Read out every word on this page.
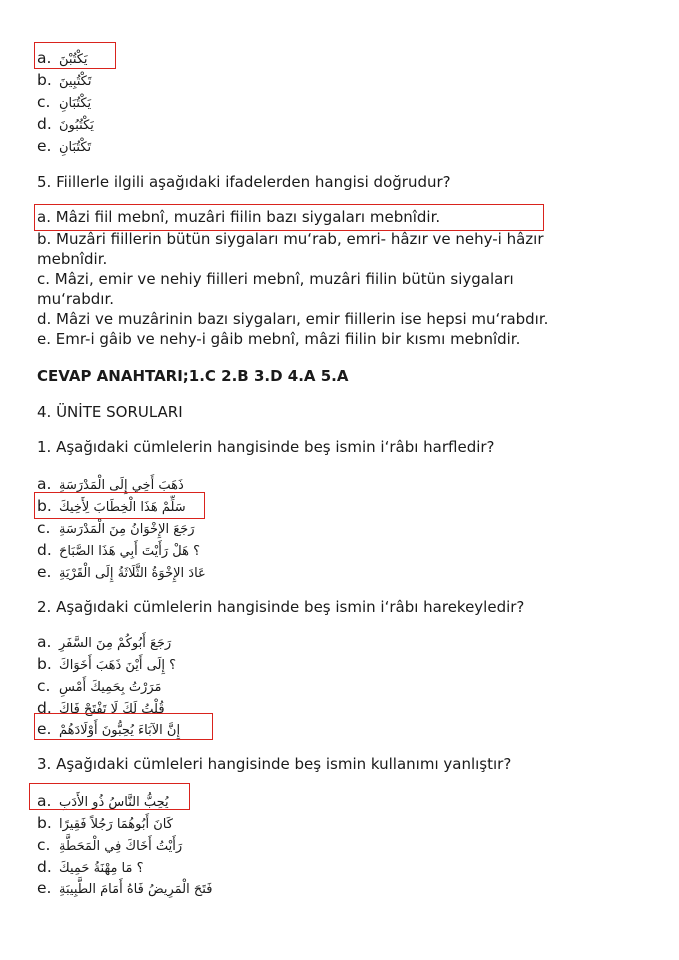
a. يَكْتُبْنَ
b. تَكْتُبِينَ
c. يَكْتُبَانِ
d. يَكْتُبُونَ
e. تَكْتُبَانِ
5. Fiillerle ilgili aşağıdaki ifadelerden hangisi doğrudur?
a. Mâzi fiil mebnî, muzâri fiilin bazı siygaları mebnîdir.
b. Muzâri fiillerin bütün siygaları mu‘rab, emri- hâzır ve nehy-i hâzır
mebnîdir.
c. Mâzi, emir ve nehiy fiilleri mebnî, muzâri fiilin bütün siygaları
mu‘rabdır.
d. Mâzi ve muzârinin bazı siygaları, emir fiillerin ise hepsi mu‘rabdır.
e. Emr-i gâib ve nehy-i gâib mebnî, mâzi fiilin bir kısmı mebnîdir.
CEVAP ANAHTARI;1.C 2.B 3.D 4.A 5.A
4. ÜNİTE SORULARI
1. Aşağıdaki cümlelerin hangisinde beş ismin i‘râbı harfledir?
a. ذَهَبَ أَخِي إِلَى الْمَدْرَسَةِ
b. سَلِّمْ هَذَا الْخِطَابَ لِأَخِيكَ
c. رَجَعَ الإِخْوَانُ مِنَ الْمَدْرَسَةِ
d. ؟ هَلْ رَأَيْتَ أَبِي هَذَا الصَّبَاحَ
e. عَادَ الإِخْوَةُ الثَّلَاثَةُ إِلَى الْقَرْيَةِ
2. Aşağıdaki cümlelerin hangisinde beş ismin i‘râbı harekeyledir?
a. رَجَعَ أَبُوكُمْ مِنَ السَّفَرِ
b. ؟ إِلَى أَيْنَ ذَهَبَ أَخَوَاكَ
c. مَرَرْتُ بِحَمِيكَ أَمْسِ
d. قُلْتُ لَكَ لَا تَفْتَحْ فَاكَ
e. إِنَّ الآبَاءَ يُحِبُّونَ أَوْلَادَهُمْ
3. Aşağıdaki cümleleri hangisinde beş ismin kullanımı yanlıştır?
a. يُحِبُّ النَّاسُ ذُو الأَدَبِ
b. كَانَ أَبُوهُمَا رَجُلاً فَقِيرًا
c. رَأَيْتُ أَخَاكَ فِي الْمَحَطَّةِ
d. ؟ مَا مِهْنَةُ حَمِيكَ
e. فَتَحَ الْمَرِيضُ فَاهُ أَمَامَ الطَّبِيبَةِ
